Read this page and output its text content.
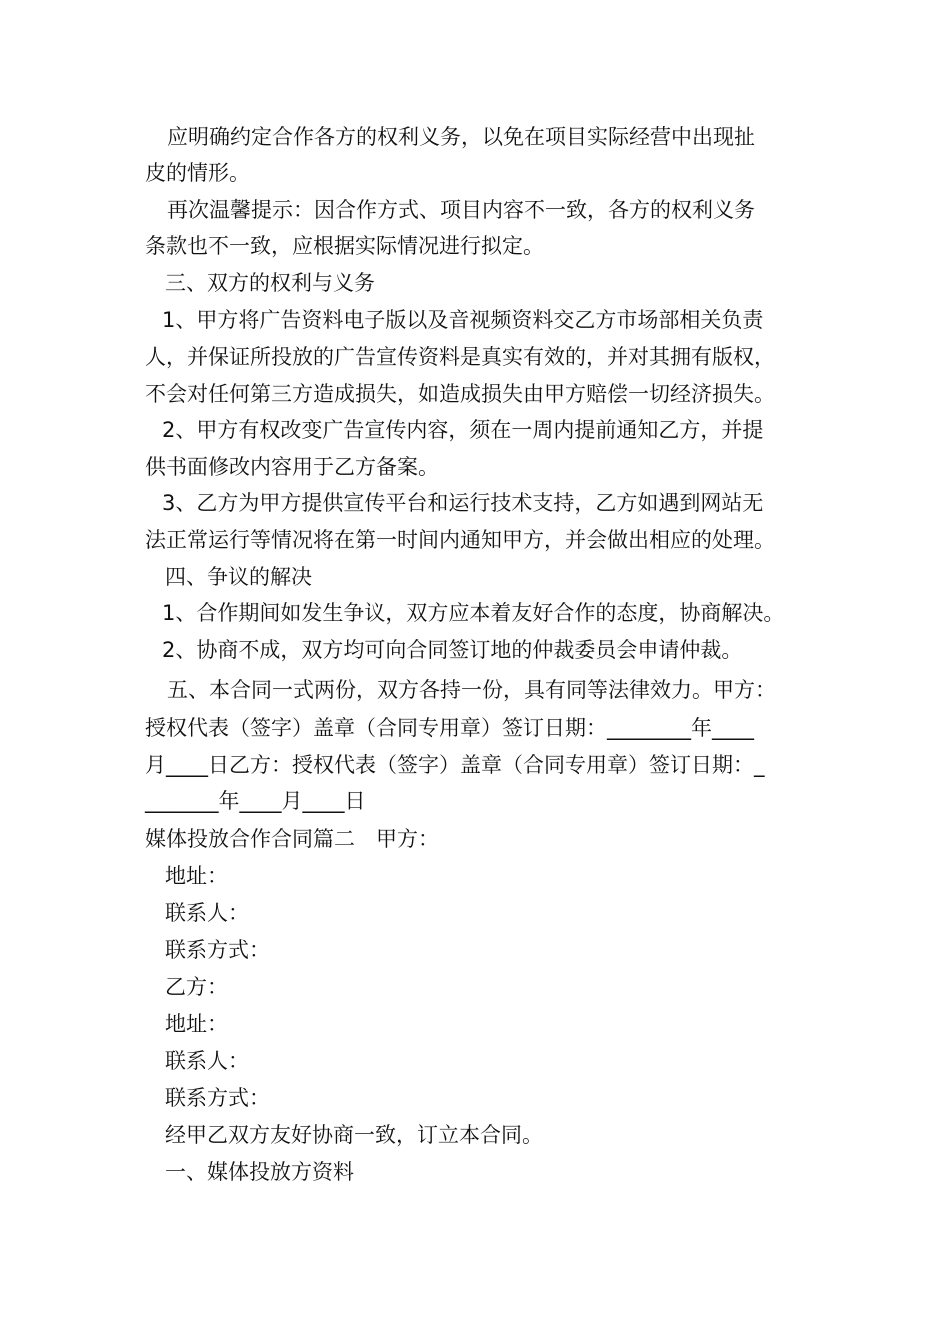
应明确约定合作各方的权利义务，以免在项目实际经营中出现扯
皮的情形。
再次温馨提示：因合作方式、项目内容不一致，各方的权利义务
条款也不一致，应根据实际情况进行拟定。
三、双方的权利与义务
1、甲方将广告资料电子版以及音视频资料交乙方市场部相关负责
人，并保证所投放的广告宣传资料是真实有效的，并对其拥有版权，
不会对任何第三方造成损失，如造成损失由甲方赔偿一切经济损失。
2、甲方有权改变广告宣传内容，须在一周内提前通知乙方，并提
供书面修改内容用于乙方备案。
3、乙方为甲方提供宣传平台和运行技术支持，乙方如遇到网站无
法正常运行等情况将在第一时间内通知甲方，并会做出相应的处理。
四、争议的解决
1、合作期间如发生争议，双方应本着友好合作的态度，协商解决。
2、协商不成，双方均可向合同签订地的仲裁委员会申请仲裁。
五、本合同一式两份，双方各持一份，具有同等法律效力。甲方：
授权代表（签字）盖章（合同专用章）签订日期：________年____
月____日乙方：授权代表（签字）盖章（合同专用章）签订日期：_
_______年____月____日
媒体投放合作合同篇二　甲方：
地址：
联系人：
联系方式：
乙方：
地址：
联系人：
联系方式：
经甲乙双方友好协商一致，订立本合同。
一、媒体投放方资料
